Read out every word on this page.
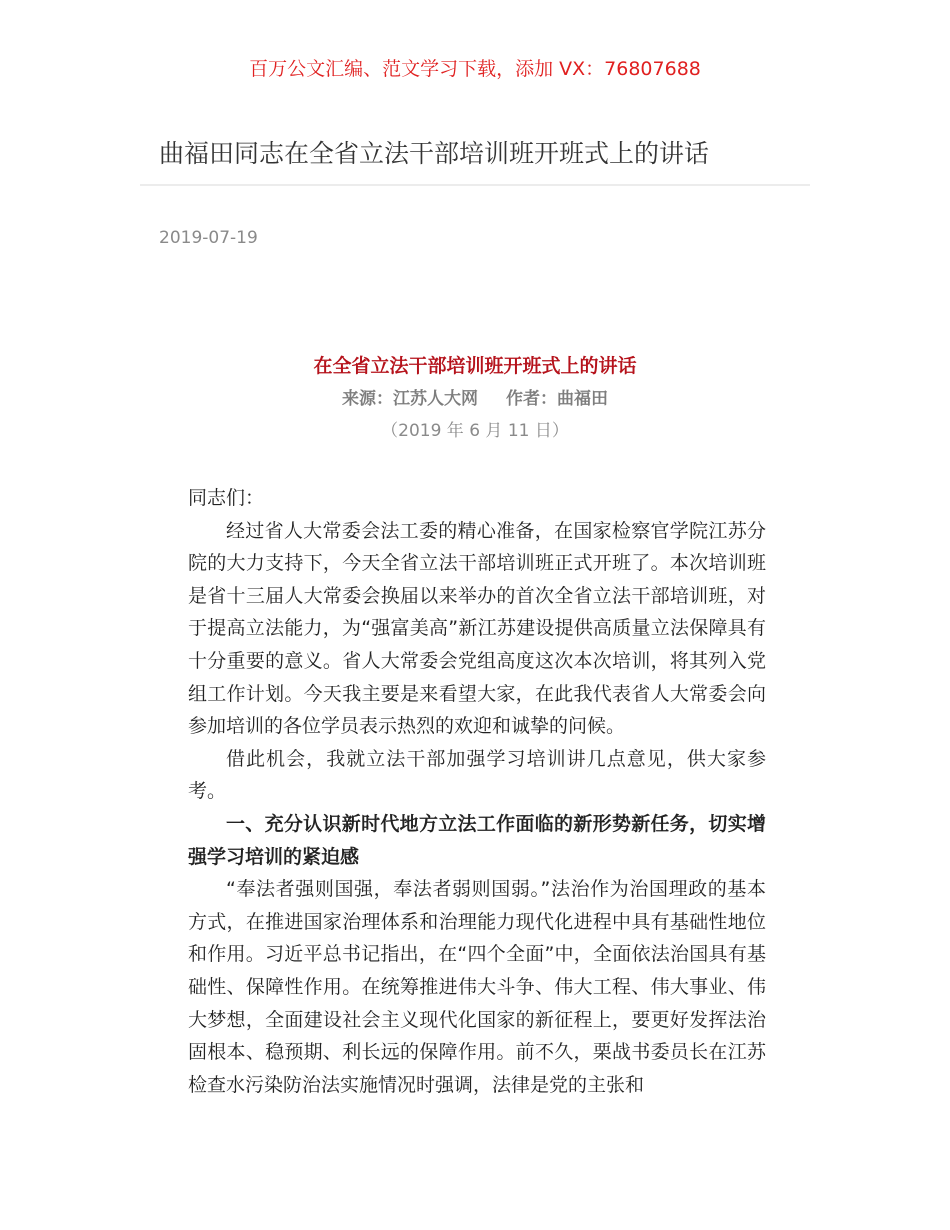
百万公文汇编、范文学习下载，添加 VX：76807688
曲福田同志在全省立法干部培训班开班式上的讲话
2019-07-19
在全省立法干部培训班开班式上的讲话
来源：江苏人大网 作者：曲福田
（2019 年 6 月 11 日）

同志们：

经过省人大常委会法工委的精心准备，在国家检察官学院江苏分院的大力支持下，今天全省立法干部培训班正式开班了。本次培训班是省十三届人大常委会换届以来举办的首次全省立法干部培训班，对于提高立法能力，为“强富美高”新江苏建设提供高质量立法保障具有十分重要的意义。省人大常委会党组高度这次本次培训，将其列入党组工作计划。今天我主要是来看望大家，在此我代表省人大常委会向参加培训的各位学员表示热烈的欢迎和诚挚的问候。

借此机会，我就立法干部加强学习培训讲几点意见，供大家参考。

一、充分认识新时代地方立法工作面临的新形势新任务，切实增强学习培训的紧迫感

“奉法者强则国强，奉法者弱则国弱。”法治作为治国理政的基本方式，在推进国家治理体系和治理能力现代化进程中具有基础性地位和作用。习近平总书记指出，在“四个全面”中，全面依法治国具有基础性、保障性作用。在统筹推进伟大斗争、伟大工程、伟大事业、伟大梦想，全面建设社会主义现代化国家的新征程上，要更好发挥法治固根本、稳预期、利长远的保障作用。前不久，栗战书委员长在江苏检查水污染防治法实施情况时强调，法律是党的主张和
